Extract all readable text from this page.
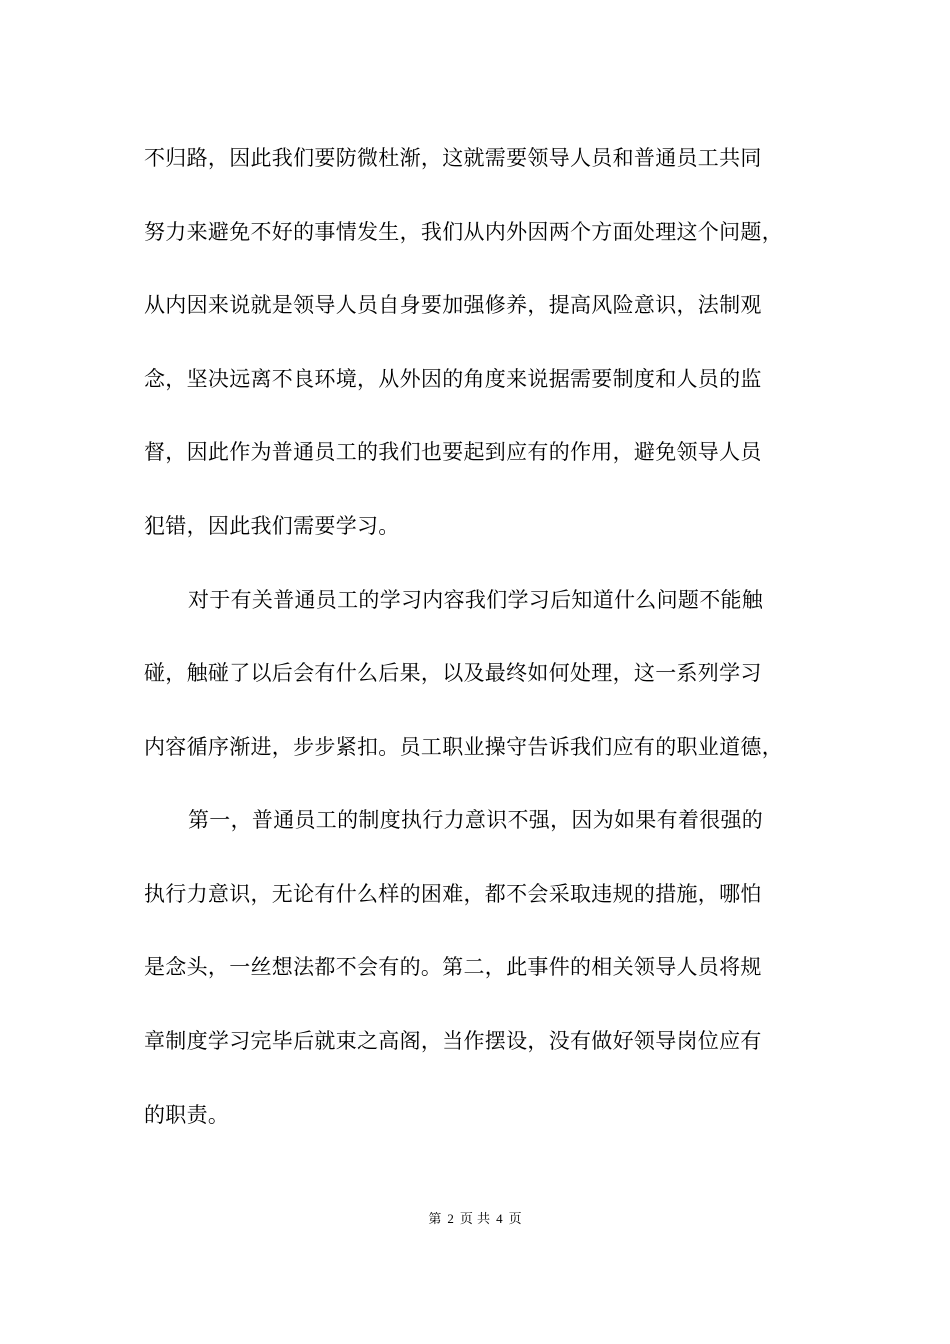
不归路，因此我们要防微杜渐，这就需要领导人员和普通员工共同
努力来避免不好的事情发生，我们从内外因两个方面处理这个问题，
从内因来说就是领导人员自身要加强修养，提高风险意识，法制观
念，坚决远离不良环境，从外因的角度来说据需要制度和人员的监
督，因此作为普通员工的我们也要起到应有的作用，避免领导人员
犯错，因此我们需要学习。
对于有关普通员工的学习内容我们学习后知道什么问题不能触
碰，触碰了以后会有什么后果，以及最终如何处理，这一系列学习
内容循序渐进，步步紧扣。员工职业操守告诉我们应有的职业道德，
第一，普通员工的制度执行力意识不强，因为如果有着很强的
执行力意识，无论有什么样的困难，都不会采取违规的措施，哪怕
是念头，一丝想法都不会有的。第二，此事件的相关领导人员将规
章制度学习完毕后就束之高阁，当作摆设，没有做好领导岗位应有
的职责。
第 2 页 共 4 页
